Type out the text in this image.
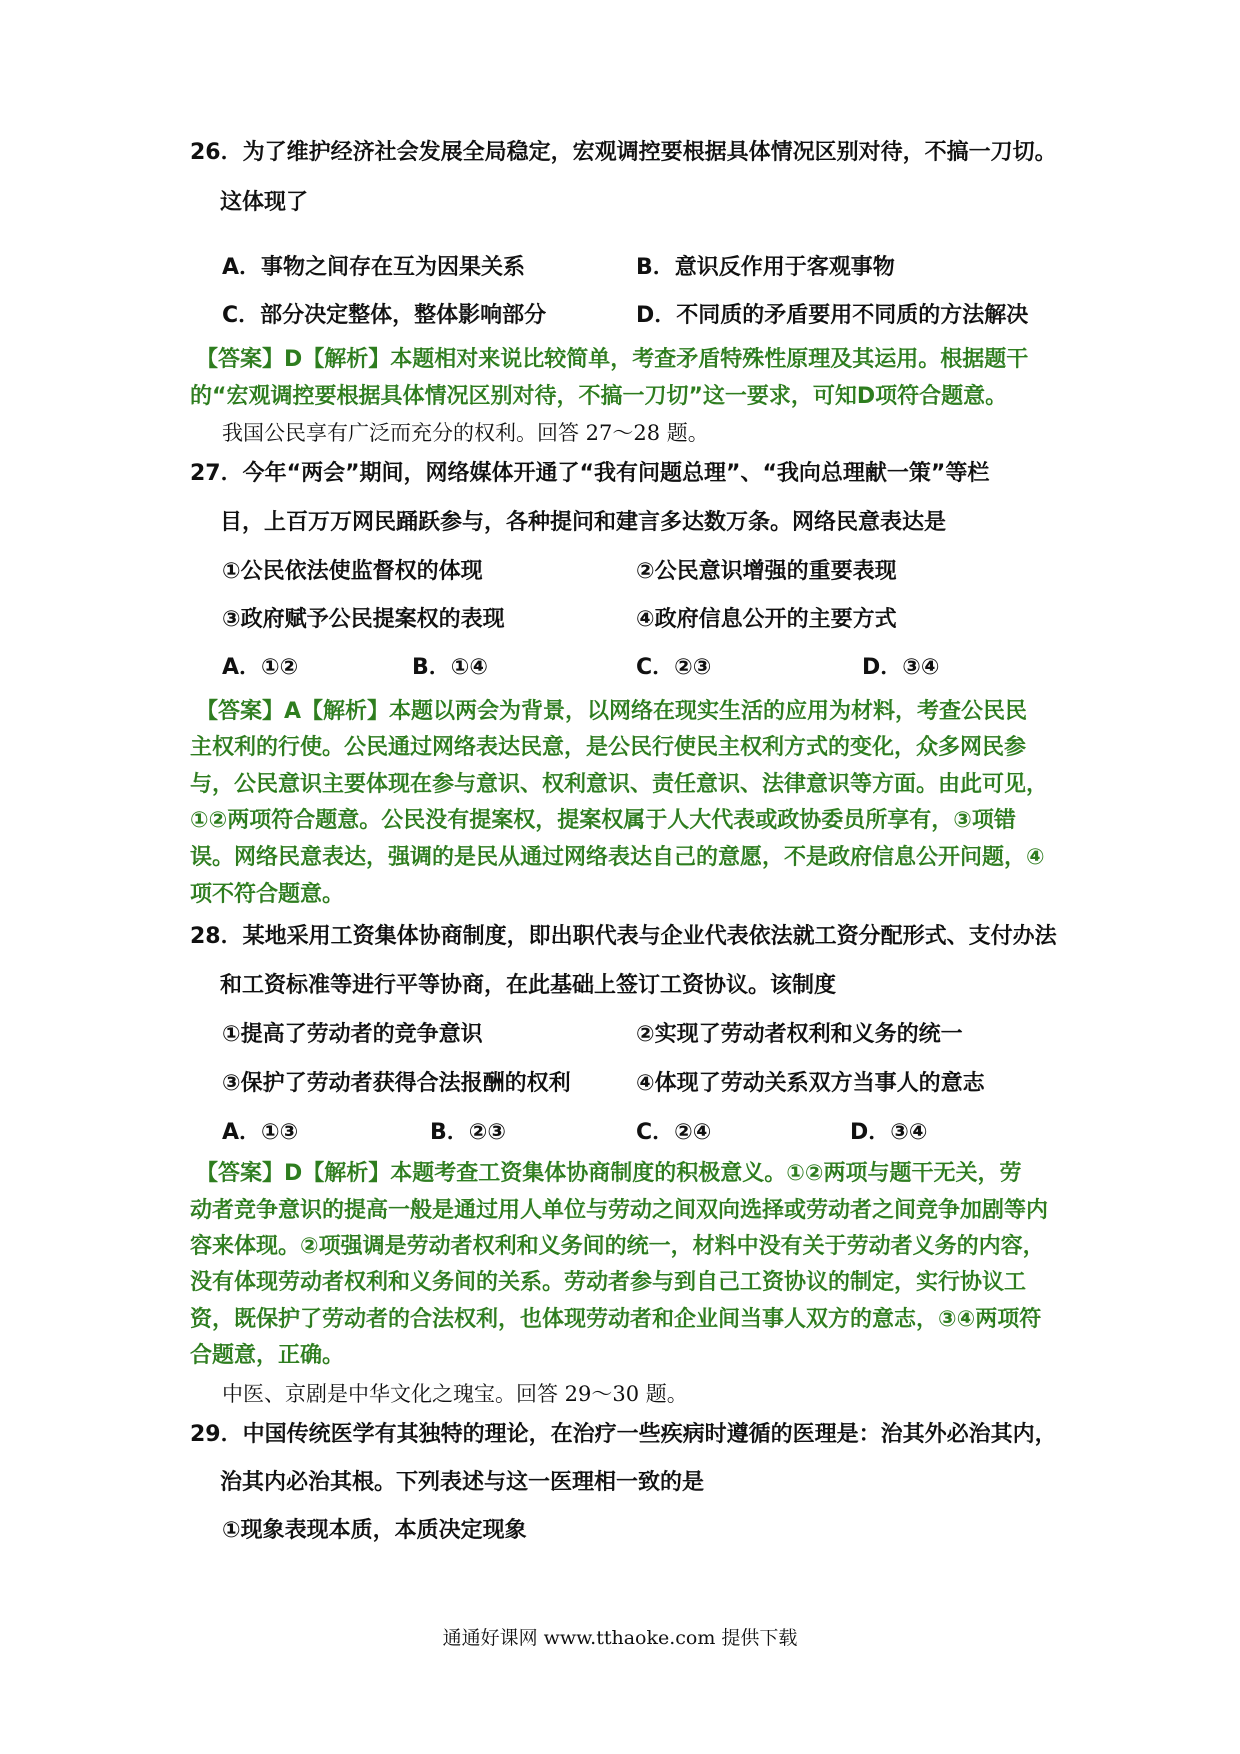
26．为了维护经济社会发展全局稳定，宏观调控要根据具体情况区别对待，不搞一刀切。
这体现了
A．事物之间存在互为因果关系	B．意识反作用于客观事物
C．部分决定整体，整体影响部分	D．不同质的矛盾要用不同质的方法解决
【答案】D【解析】本题相对来说比较简单，考查矛盾特殊性原理及其运用。根据题干
的“宏观调控要根据具体情况区别对待，不搞一刀切”这一要求，可知D项符合题意。
我国公民享有广泛而充分的权利。回答 27～28 题。
27．今年“两会”期间，网络媒体开通了“我有问题总理”、“我向总理献一策”等栏
目，上百万万网民踊跃参与，各种提问和建言多达数万条。网络民意表达是
①公民依法使监督权的体现	②公民意识增强的重要表现
③政府赋予公民提案权的表现	④政府信息公开的主要方式
A．①②	B．①④	C．②③	D．③④
【答案】A【解析】本题以两会为背景，以网络在现实生活的应用为材料，考查公民民
主权利的行使。公民通过网络表达民意，是公民行使民主权利方式的变化，众多网民参
与，公民意识主要体现在参与意识、权利意识、责任意识、法律意识等方面。由此可见，
①②两项符合题意。公民没有提案权，提案权属于人大代表或政协委员所享有，③项错
误。网络民意表达，强调的是民从通过网络表达自己的意愿，不是政府信息公开问题，④
项不符合题意。
28．某地采用工资集体协商制度，即出职代表与企业代表依法就工资分配形式、支付办法
和工资标准等进行平等协商，在此基础上签订工资协议。该制度
①提高了劳动者的竞争意识	②实现了劳动者权利和义务的统一
③保护了劳动者获得合法报酬的权利	④体现了劳动关系双方当事人的意志
A．①③	B．②③	C．②④	D．③④
【答案】D【解析】本题考查工资集体协商制度的积极意义。①②两项与题干无关，劳
动者竞争意识的提高一般是通过用人单位与劳动之间双向选择或劳动者之间竞争加剧等内
容来体现。②项强调是劳动者权利和义务间的统一，材料中没有关于劳动者义务的内容，
没有体现劳动者权利和义务间的关系。劳动者参与到自己工资协议的制定，实行协议工
资，既保护了劳动者的合法权利，也体现劳动者和企业间当事人双方的意志，③④两项符
合题意，正确。
中医、京剧是中华文化之瑰宝。回答 29～30 题。
29．中国传统医学有其独特的理论，在治疗一些疾病时遵循的医理是：治其外必治其内，
治其内必治其根。下列表述与这一医理相一致的是
①现象表现本质，本质决定现象
通通好课网 www.tthaoke.com 提供下载
